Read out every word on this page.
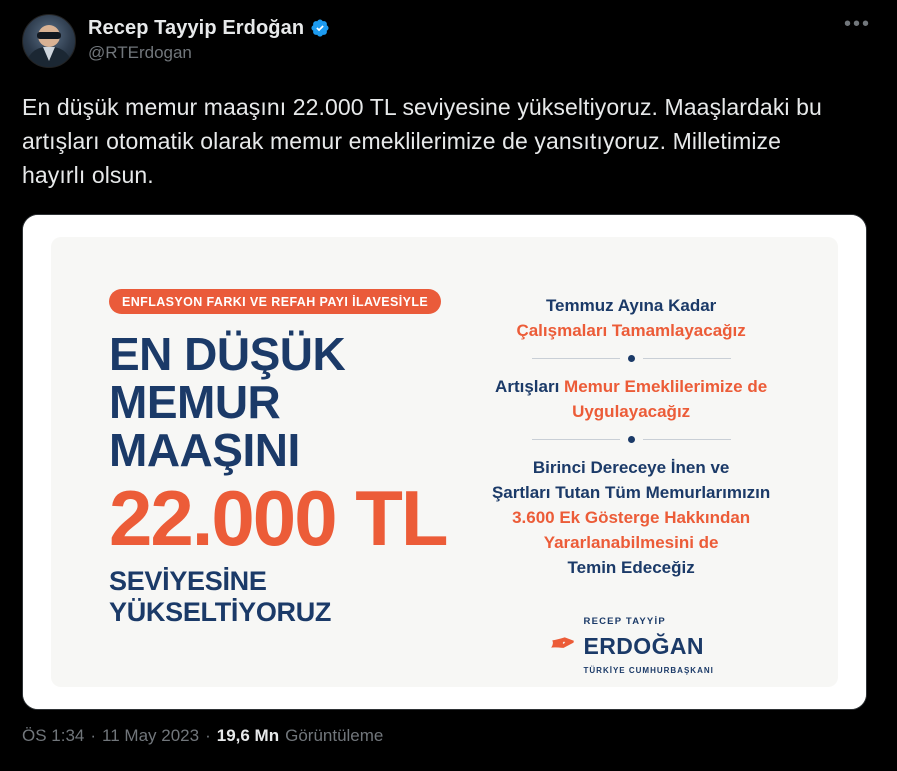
Recep Tayyip Erdoğan
@RTErdogan
•••
En düşük memur maaşını 22.000 TL seviyesine yükseltiyoruz. Maaşlardaki bu artışları otomatik olarak memur emeklilerimize de yansıtıyoruz. Milletimize hayırlı olsun.
ENFLASYON FARKI VE REFAH PAYI İLAVESİYLE
EN DÜŞÜK
MEMUR MAAŞINI
22.000 TL
SEVİYESİNE YÜKSELTİYORUZ
Temmuz Ayına Kadar
Çalışmaları Tamamlayacağız
Artışları Memur Emeklilerimize de
Uygulayacağız
Birinci Dereceye İnen ve
Şartları Tutan Tüm Memurlarımızın
3.600 Ek Gösterge Hakkından
Yararlanabilmesini de
Temin Edeceğiz
✒
RECEP TAYYİP
ERDOĞAN
TÜRKİYE CUMHURBAŞKANI
ÖS 1:34 · 11 May 2023 · 19,6 Mn Görüntüleme
